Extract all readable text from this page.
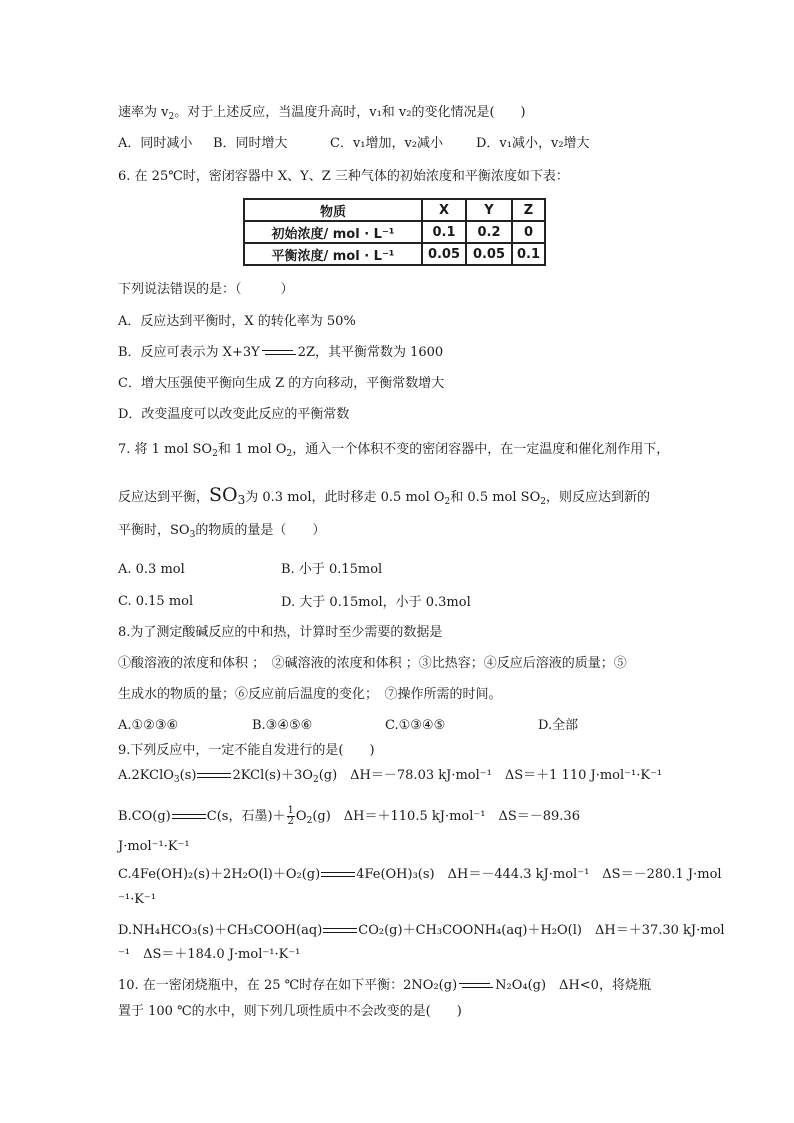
速率为 $v_2$。对于上述反应，当温度升高时，v₁和 v₂的变化情况是(　　)
A．同时减小 B．同时增大	C．v₁增加，v₂减小	D．v₁减小，v₂增大
6. 在 25℃时，密闭容器中 X、Y、Z 三种气体的初始浓度和平衡浓度如下表：
物质	X	Y	Z
初始浓度/ mol · L⁻¹	0.1	0.2	0
平衡浓度/ mol · L⁻¹	0.05	0.05	0.1
下列说法错误的是：（　　　）
A．反应达到平衡时，X 的转化率为 50%
B．反应可表示为 X+3Y	2Z，其平衡常数为 1600
C．增大压强使平衡向生成 Z 的方向移动，平衡常数增大
D．改变温度可以改变此反应的平衡常数
7. 将 1 mol $SO_2$和 1 mol $O_2$，通入一个体积不变的密闭容器中，在一定温度和催化剂作用下，
反应达到平衡，$SO_3$为 0.3 mol，此时移走 0.5 mol $O_2$和 0.5 mol $SO_2$，则反应达到新的
平衡时，$SO_3$的物质的量是（　　）
A. 0.3 mol	B. 小于 0.15mol
C. 0.15 mol	D. 大于 0.15mol，小于 0.3mol
8.为了测定酸碱反应的中和热，计算时至少需要的数据是
①酸溶液的浓度和体积 ；　②碱溶液的浓度和体积 ；③比热容；④反应后溶液的质量；⑤
生成水的物质的量；⑥反应前后温度的变化；　⑦操作所需的时间。
A.①②③⑥	B.③④⑤⑥	C.①③④⑤	D.全部
9.下列反应中，一定不能自发进行的是(　　)
A.2KClO$_3$(s)	$2KCl(s)+3O_2(g)$　ΔH＝－78.03 kJ·mol⁻¹　ΔS＝＋1 110 J·mol⁻¹·K⁻¹
B.CO(g)	C(s，石墨)＋ $\frac{1}{2} O_2(g)$　ΔH＝＋110.5 kJ·mol⁻¹　ΔS＝－89.36
J·mol⁻¹·K⁻¹
C.4Fe(OH)₂(s)＋2H₂O(l)＋O₂(g)	4Fe(OH)₃(s)　ΔH＝－444.3 kJ·mol⁻¹　ΔS＝－280.1 J·mol
⁻¹·K⁻¹
D.NH₄HCO₃(s)＋CH₃COOH(aq)	CO₂(g)＋CH₃COONH₄(aq)＋H₂O(l)　ΔH＝＋37.30 kJ·mol
⁻¹　ΔS＝＋184.0 J·mol⁻¹·K⁻¹
10. 在一密闭烧瓶中，在 25 ℃时存在如下平衡：2NO₂(g)	N₂O₄(g)　ΔH<0，将烧瓶
置于 100 ℃的水中，则下列几项性质中不会改变的是(　　)
